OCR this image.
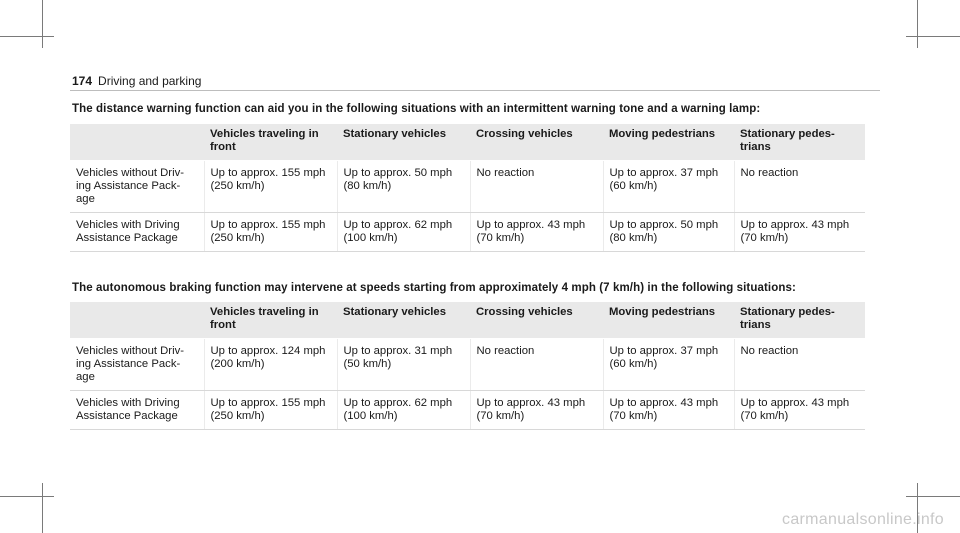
174 Driving and parking
The distance warning function can aid you in the following situations with an intermittent warning tone and a warning lamp:
	Vehicles traveling in front	Stationary vehicles	Crossing vehicles	Moving pedestrians	Stationary pedes-trians
Vehicles without Driv-ing Assistance Pack-age	Up to approx. 155 mph (250 km/h)	Up to approx. 50 mph (80 km/h)	No reaction	Up to approx. 37 mph (60 km/h)	No reaction
Vehicles with Driving Assistance Package	Up to approx. 155 mph (250 km/h)	Up to approx. 62 mph (100 km/h)	Up to approx. 43 mph (70 km/h)	Up to approx. 50 mph (80 km/h)	Up to approx. 43 mph (70 km/h)
The autonomous braking function may intervene at speeds starting from approximately 4 mph (7 km/h) in the following situations:
	Vehicles traveling in front	Stationary vehicles	Crossing vehicles	Moving pedestrians	Stationary pedes-trians
Vehicles without Driv-ing Assistance Pack-age	Up to approx. 124 mph (200 km/h)	Up to approx. 31 mph (50 km/h)	No reaction	Up to approx. 37 mph (60 km/h)	No reaction
Vehicles with Driving Assistance Package	Up to approx. 155 mph (250 km/h)	Up to approx. 62 mph (100 km/h)	Up to approx. 43 mph (70 km/h)	Up to approx. 43 mph (70 km/h)	Up to approx. 43 mph (70 km/h)
carmanualsonline.info
